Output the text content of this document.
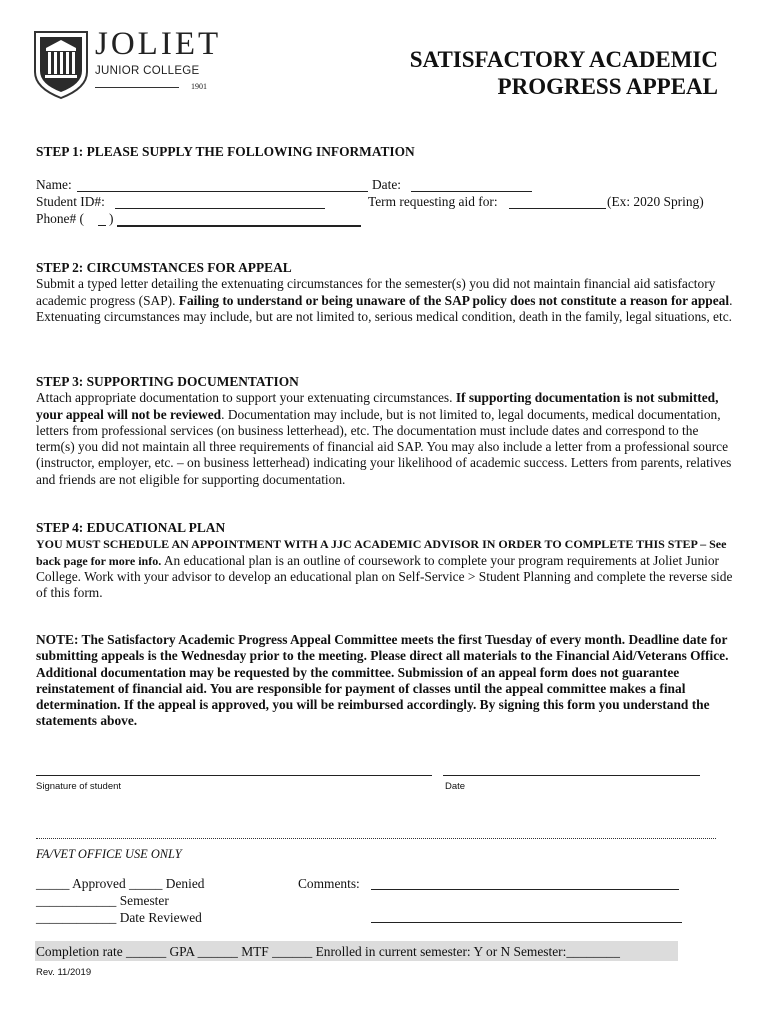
JOLIET
JUNIOR COLLEGE
1901
SATISFACTORY ACADEMIC
PROGRESS APPEAL
STEP 1: PLEASE SUPPLY THE FOLLOWING INFORMATION
Name:	Date:
Student ID#:	Term requesting aid for:	(Ex: 2020 Spring)
Phone# ( )

STEP 2: CIRCUMSTANCES FOR APPEAL

Submit a typed letter detailing the extenuating circumstances for the semester(s) you did not maintain financial aid satisfactory academic progress (SAP). Failing to understand or being unaware of the SAP policy does not constitute a reason for appeal. Extenuating circumstances may include, but are not limited to, serious medical condition, death in the family, legal situations, etc.

STEP 3: SUPPORTING DOCUMENTATION

Attach appropriate documentation to support your extenuating circumstances. If supporting documentation is not submitted, your appeal will not be reviewed. Documentation may include, but is not limited to, legal documents, medical documentation, letters from professional services (on business letterhead), etc. The documentation must include dates and correspond to the term(s) you did not maintain all three requirements of financial aid SAP. You may also include a letter from a professional source (instructor, employer, etc. – on business letterhead) indicating your likelihood of academic success. Letters from parents, relatives and friends are not eligible for supporting documentation.

STEP 4: EDUCATIONAL PLAN

YOU MUST SCHEDULE AN APPOINTMENT WITH A JJC ACADEMIC ADVISOR IN ORDER TO COMPLETE THIS STEP – See back page for more info. An educational plan is an outline of coursework to complete your program requirements at Joliet Junior College. Work with your advisor to develop an educational plan on Self-Service > Student Planning and complete the reverse side of this form.

NOTE: The Satisfactory Academic Progress Appeal Committee meets the first Tuesday of every month. Deadline date for submitting appeals is the Wednesday prior to the meeting. Please direct all materials to the Financial Aid/Veterans Office. Additional documentation may be requested by the committee. Submission of an appeal form does not guarantee reinstatement of financial aid. You are responsible for payment of classes until the appeal committee makes a final determination. If the appeal is approved, you will be reimbursed accordingly. By signing this form you understand the statements above.
Signature of student	Date
FA/VET OFFICE USE ONLY
_____ Approved _____ Denied
____________ Semester
____________ Date Reviewed
Comments:
Completion rate ______ GPA ______ MTF ______ Enrolled in current semester: Y or N Semester:________
Rev. 11/2019
